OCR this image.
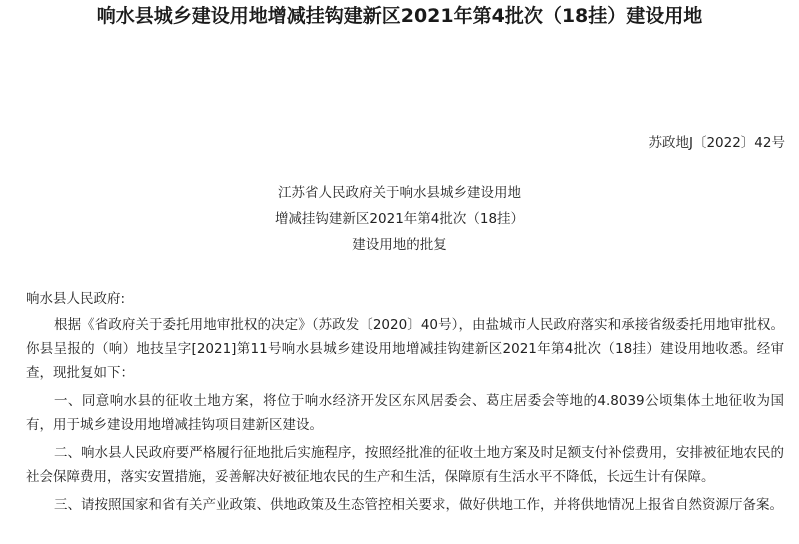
响水县城乡建设用地增减挂钩建新区2021年第4批次（18挂）建设用地
苏政地J〔2022〕42号
江苏省人民政府关于响水县城乡建设用地
增减挂钩建新区2021年第4批次（18挂）
建设用地的批复
响水县人民政府:

根据《省政府关于委托用地审批权的决定》（苏政发〔2020〕40号），由盐城市人民政府落实和承接省级委托用地审批权。你县呈报的（响）地技呈字[2021]第11号响水县城乡建设用地增减挂钩建新区2021年第4批次（18挂）建设用地收悉。经审查，现批复如下：

一、同意响水县的征收土地方案，将位于响水经济开发区东风居委会、葛庄居委会等地的4.8039公顷集体土地征收为国有，用于城乡建设用地增减挂钩项目建新区建设。

二、响水县人民政府要严格履行征地批后实施程序，按照经批准的征收土地方案及时足额支付补偿费用，安排被征地农民的社会保障费用，落实安置措施，妥善解决好被征地农民的生产和生活，保障原有生活水平不降低，长远生计有保障。

三、请按照国家和省有关产业政策、供地政策及生态管控相关要求，做好供地工作，并将供地情况上报省自然资源厅备案。
